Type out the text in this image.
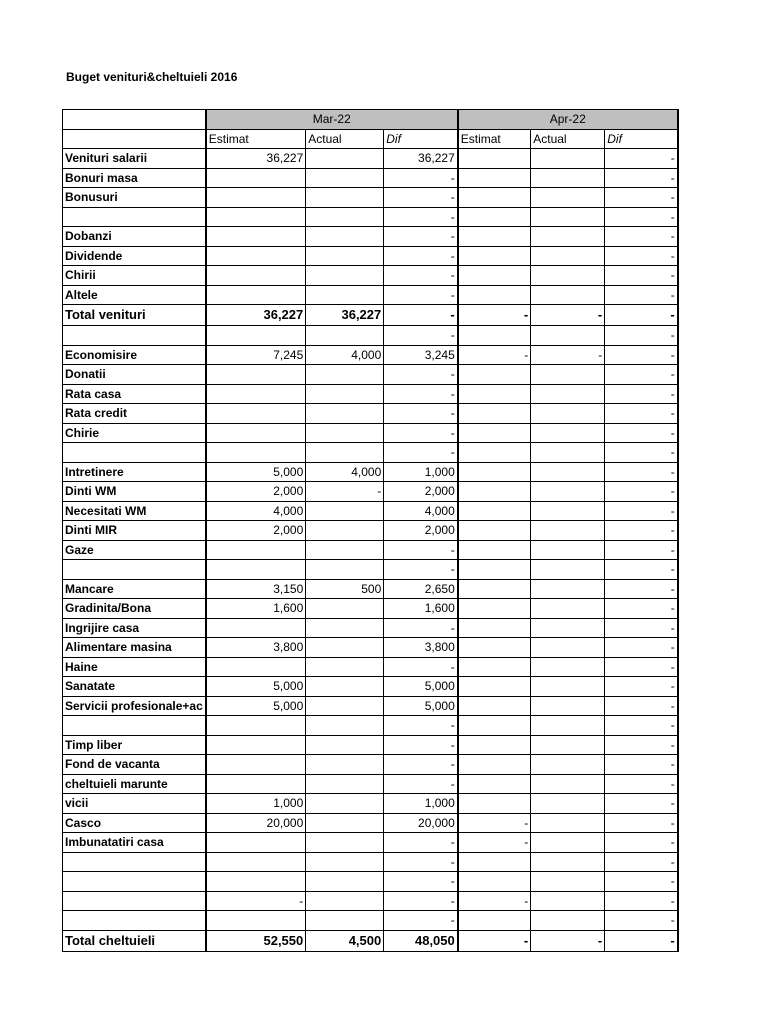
Buget venituri&cheltuieli 2016
	Mar-22			Apr-22		
	Estimat	Actual	Dif	Estimat	Actual	Dif
Venituri salarii	36,227		36,227			-
Bonuri masa			-			-
Bonusuri			-			-
			-			-
Dobanzi			-			-
Dividende			-			-
Chirii			-			-
Altele			-			-
Total venituri	36,227	36,227	-	-	-	-
			-			-
Economisire	7,245	4,000	3,245	-	-	-
Donatii			-			-
Rata casa			-			-
Rata credit			-			-
Chirie			-			-
			-			-
Intretinere	5,000	4,000	1,000			-
Dinti WM	2,000	-	2,000			-
Necesitati WM	4,000		4,000			-
Dinti MIR	2,000		2,000			-
Gaze			-			-
			-			-
Mancare	3,150	500	2,650			-
Gradinita/Bona	1,600		1,600			-
Ingrijire casa			-			-
Alimentare masina	3,800		3,800			-
Haine			-			-
Sanatate	5,000		5,000			-
Servicii profesionale+ac	5,000		5,000			-
			-			-
Timp liber			-			-
Fond de vacanta			-			-
cheltuieli marunte			-			-
vicii	1,000		1,000			-
Casco	20,000		20,000	-		-
Imbunatatiri casa			-	-		-
			-			-
			-			-
	-		-	-		-
			-			-
Total cheltuieli	52,550	4,500	48,050	-	-	-
